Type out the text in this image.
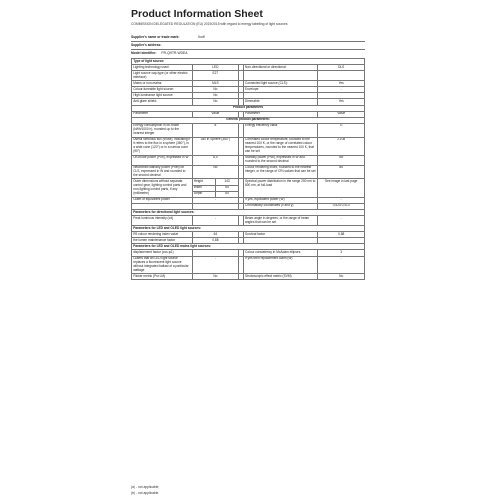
Product Information Sheet
COMMISSION DELEGATED REGULATION (EU) 2019/2015 with regard to energy labelling of light sources
Supplier's name or trade mark:	Ikoff
Supplier's address:
Model identifier: PR-QHTR-WDEA
Type of light source:					
Lighting technology used:	LED			Non-directional or directional:	DLS
Light source cap-type (or other electric interface)	E27				
Mains or non-mains:	MLS			Connected light source (CLS):	Yes
Colour-tuneable light source:	No			Envelope:	-
High luminance light source:	No				
Anti-glare shield:	No			Dimmable:	Yes
Product parameters					
Parameter	Value			Parameter	Value
General product parameters:					
Energy consumption in on-mode (kWh/1000 h), rounded up to the nearest integer	8			Energy efficiency class	G
Useful luminous flux (Φuse), indicating if it refers to the flux in a sphere (360°), in a wide cone (120°) or in a narrow cone (90°)	280 in Sphere (360°)			Correlated colour temperature, rounded to the nearest 100 K, or the range of correlated colour temperatures, rounded to the nearest 100 K, that can be set	2.108
On-mode power (Pon), expressed in W	8,0			Standby power (Psb), expressed in W and rounded to the second decimal	No
Networked standby power (Pnet) for CLS, expressed in W and rounded to the second decimal	No			Colour rendering index, rounded to the nearest integer, or the range of CRI-values that can be set	85
Outer dimensions without separate control gear, lighting control parts and non-lighting control parts, if any (millimetre)	Height	143		Spectral power distribution in the range 250 nm to 800 nm, at full-load	See image in last page
	Width	64			
	Depth	64			
Claim of equivalent power	-			If yes, equivalent power (W)	-
				Chromaticity coordinates (x and y)	0,524 0,413
Parameters for directional light sources:					
Peak luminous intensity (cd)	-			Beam angle in degrees, or the range of beam angles that can be set	-
Parameters for LED and OLED light sources:					
R9 colour rendering index value	64			Survival factor	0,88
the lumen maintenance factor	0,88				
Parameters for LED and OLED mains light sources:					
displacement factor (cos φ1)				Colour consistency in McAdam ellipses	3
Claims that an LED light source replaces a fluorescent light source without integrated ballast of a particular wattage	-			If yes then replacement claim (W)	-
Flicker metric (Pst LM)	No			Stroboscopic effect metric (SVM)	No
(a) - not applicable;
(b) - not applicable.
